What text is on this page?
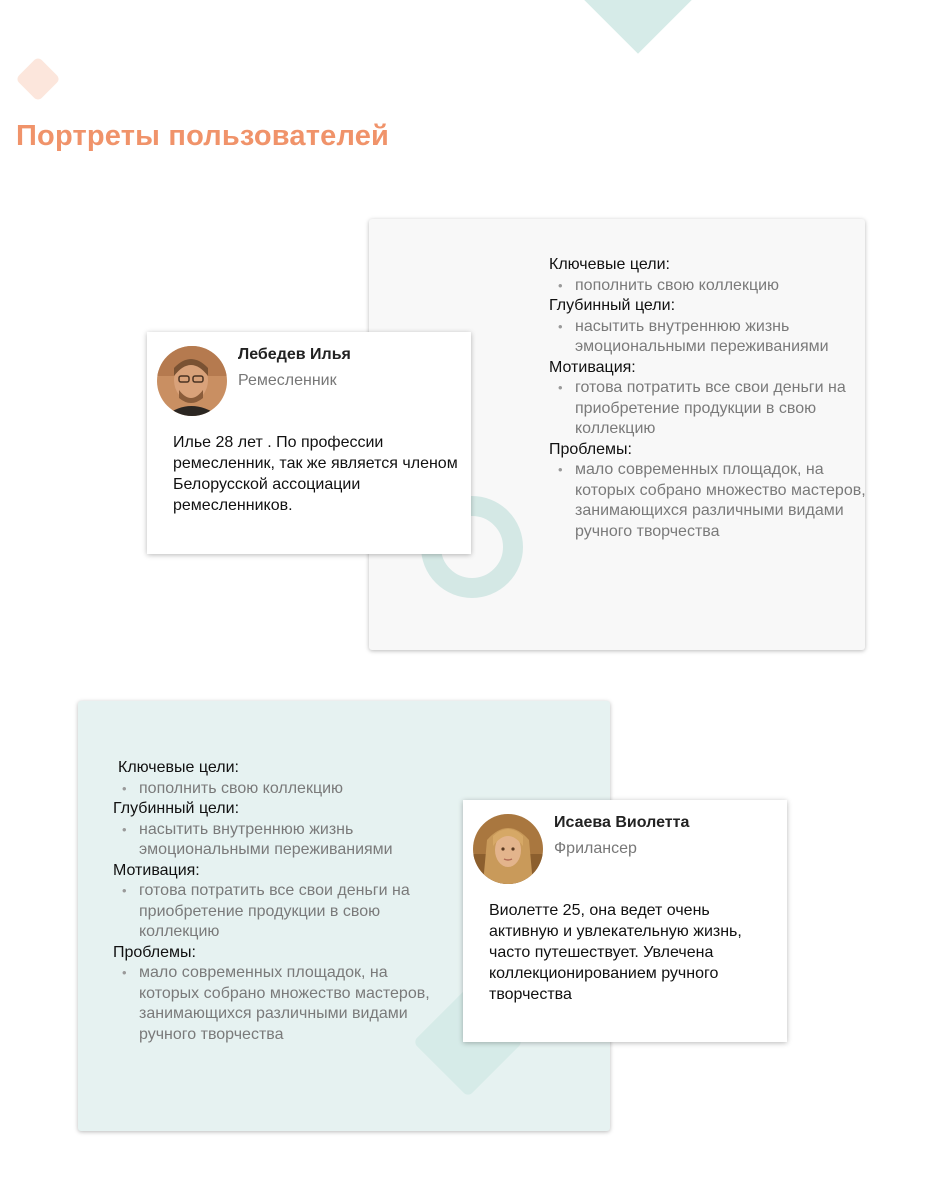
Портреты пользователей

Лебедев Илья

Ремесленник

Илье 28 лет . По профессии ремесленник, так же является членом Белорусской ассоциации ремесленников.

Ключевые цели:
• пополнить свою коллекцию
Глубинный цели:
• насытить внутреннюю жизнь эмоциональными переживаниями
Мотивация:
• готова потратить все свои деньги на приобретение продукции в свою коллекцию
Проблемы:
• мало современных площадок, на которых собрано множество мастеров, занимающихся различными видами ручного творчества
Ключевые цели:
• пополнить свою коллекцию
Глубинный цели:
• насытить внутреннюю жизнь эмоциональными переживаниями
Мотивация:
• готова потратить все свои деньги на приобретение продукции в свою коллекцию
Проблемы:
• мало современных площадок, на которых собрано множество мастеров, занимающихся различными видами ручного творчества

Исаева Виолетта

Фрилансер

Виолетте 25, она ведет очень активную и увлекательную жизнь, часто путешествует. Увлечена коллекционированием ручного творчества
